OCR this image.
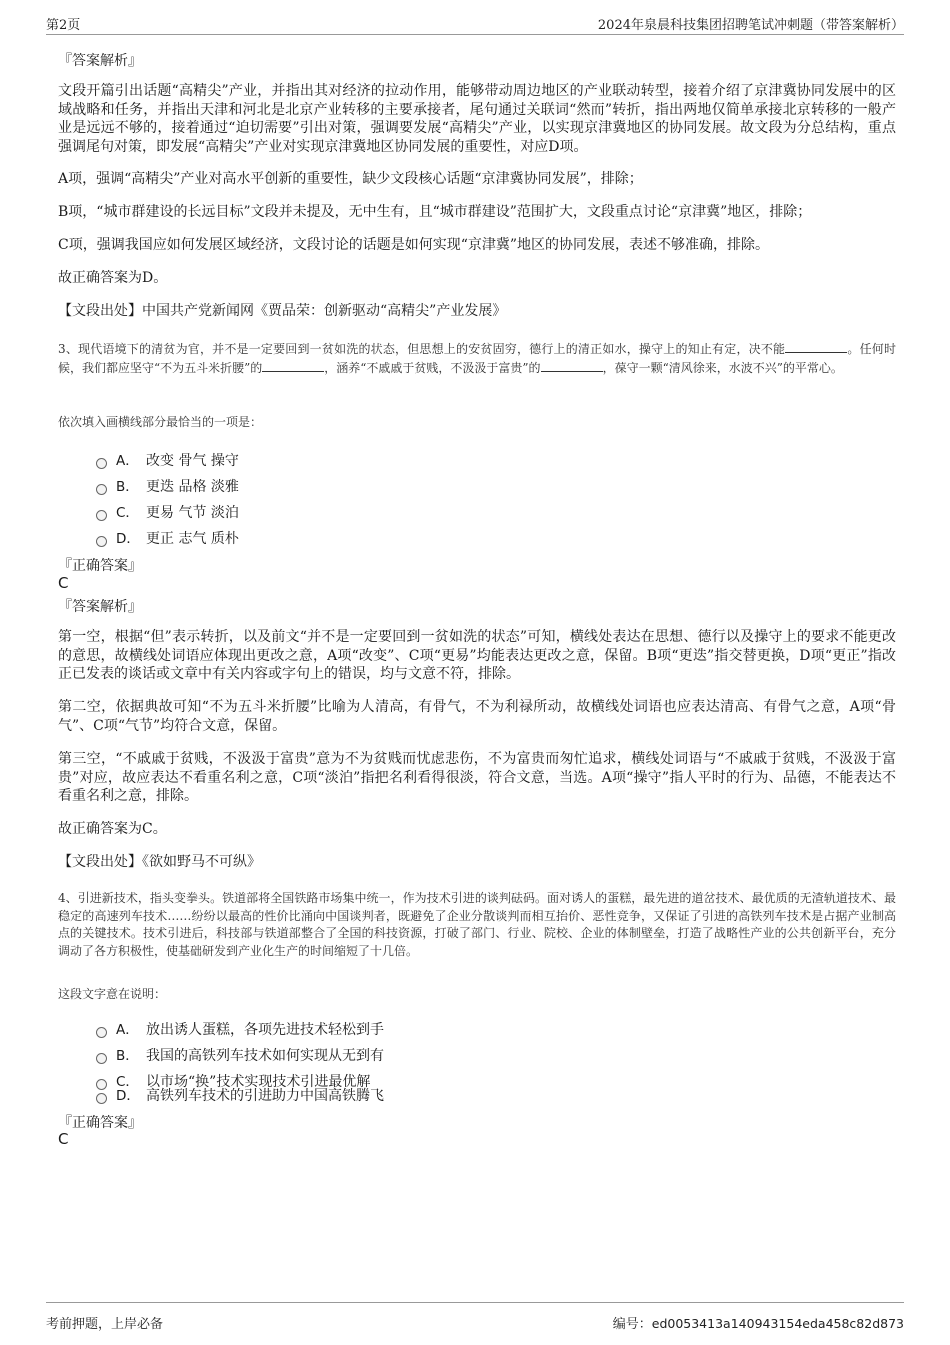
第2页	2024年泉晨科技集团招聘笔试冲刺题（带答案解析）
『答案解析』
文段开篇引出话题“高精尖”产业，并指出其对经济的拉动作用，能够带动周边地区的产业联动转型，接着介绍了京津冀协同发展中的区域战略和任务，并指出天津和河北是北京产业转移的主要承接者，尾句通过关联词“然而”转折，指出两地仅简单承接北京转移的一般产业是远远不够的，接着通过“迫切需要”引出对策，强调要发展“高精尖”产业，以实现京津冀地区的协同发展。故文段为分总结构，重点强调尾句对策，即发展“高精尖”产业对实现京津冀地区协同发展的重要性，对应D项。
A项，强调“高精尖”产业对高水平创新的重要性，缺少文段核心话题“京津冀协同发展”，排除；
B项，“城市群建设的长远目标”文段并未提及，无中生有，且“城市群建设”范围扩大，文段重点讨论“京津冀”地区，排除；
C项，强调我国应如何发展区域经济，文段讨论的话题是如何实现“京津冀”地区的协同发展，表述不够准确，排除。
故正确答案为D。
【文段出处】中国共产党新闻网《贾品荣：创新驱动“高精尖”产业发展》
3、现代语境下的清贫为官，并不是一定要回到一贫如洗的状态，但思想上的安贫固穷，德行上的清正如水，操守上的知止有定，决不能	。任何时候，我们都应坚守“不为五斗米折腰”的	，涵养“不戚戚于贫贱，不汲汲于富贵”的	，葆守一颗“清风徐来，水波不兴”的平常心。
依次填入画横线部分最恰当的一项是：
A． 改变 骨气 操守
B． 更迭 品格 淡雅
C． 更易 气节 淡泊
D． 更正 志气 质朴
『正确答案』
C
『答案解析』
第一空，根据“但”表示转折，以及前文“并不是一定要回到一贫如洗的状态”可知，横线处表达在思想、德行以及操守上的要求不能更改的意思，故横线处词语应体现出更改之意，A项“改变”、C项“更易”均能表达更改之意，保留。B项“更迭”指交替更换，D项“更正”指改正已发表的谈话或文章中有关内容或字句上的错误，均与文意不符，排除。
第二空，依据典故可知“不为五斗米折腰”比喻为人清高，有骨气，不为利禄所动，故横线处词语也应表达清高、有骨气之意，A项“骨气”、C项“气节”均符合文意，保留。
第三空，“不戚戚于贫贱，不汲汲于富贵”意为不为贫贱而忧虑悲伤，不为富贵而匆忙追求，横线处词语与“不戚戚于贫贱，不汲汲于富贵”对应，故应表达不看重名利之意，C项“淡泊”指把名利看得很淡，符合文意，当选。A项“操守”指人平时的行为、品德，不能表达不看重名利之意，排除。
故正确答案为C。
【文段出处】《欲如野马不可纵》
4、引进新技术，指头变拳头。铁道部将全国铁路市场集中统一，作为技术引进的谈判砝码。面对诱人的蛋糕，最先进的道岔技术、最优质的无渣轨道技术、最稳定的高速列车技术……纷纷以最高的性价比涌向中国谈判者，既避免了企业分散谈判而相互抬价、恶性竞争，又保证了引进的高铁列车技术是占据产业制高点的关键技术。技术引进后，科技部与铁道部整合了全国的科技资源，打破了部门、行业、院校、企业的体制壁垒，打造了战略性产业的公共创新平台，充分调动了各方积极性，使基础研发到产业化生产的时间缩短了十几倍。
这段文字意在说明：
A． 放出诱人蛋糕，各项先进技术轻松到手
B． 我国的高铁列车技术如何实现从无到有
C． 以市场“换”技术实现技术引进最优解
D． 高铁列车技术的引进助力中国高铁腾飞
『正确答案』
C
考前押题，上岸必备	编号：ed0053413a140943154eda458c82d873
